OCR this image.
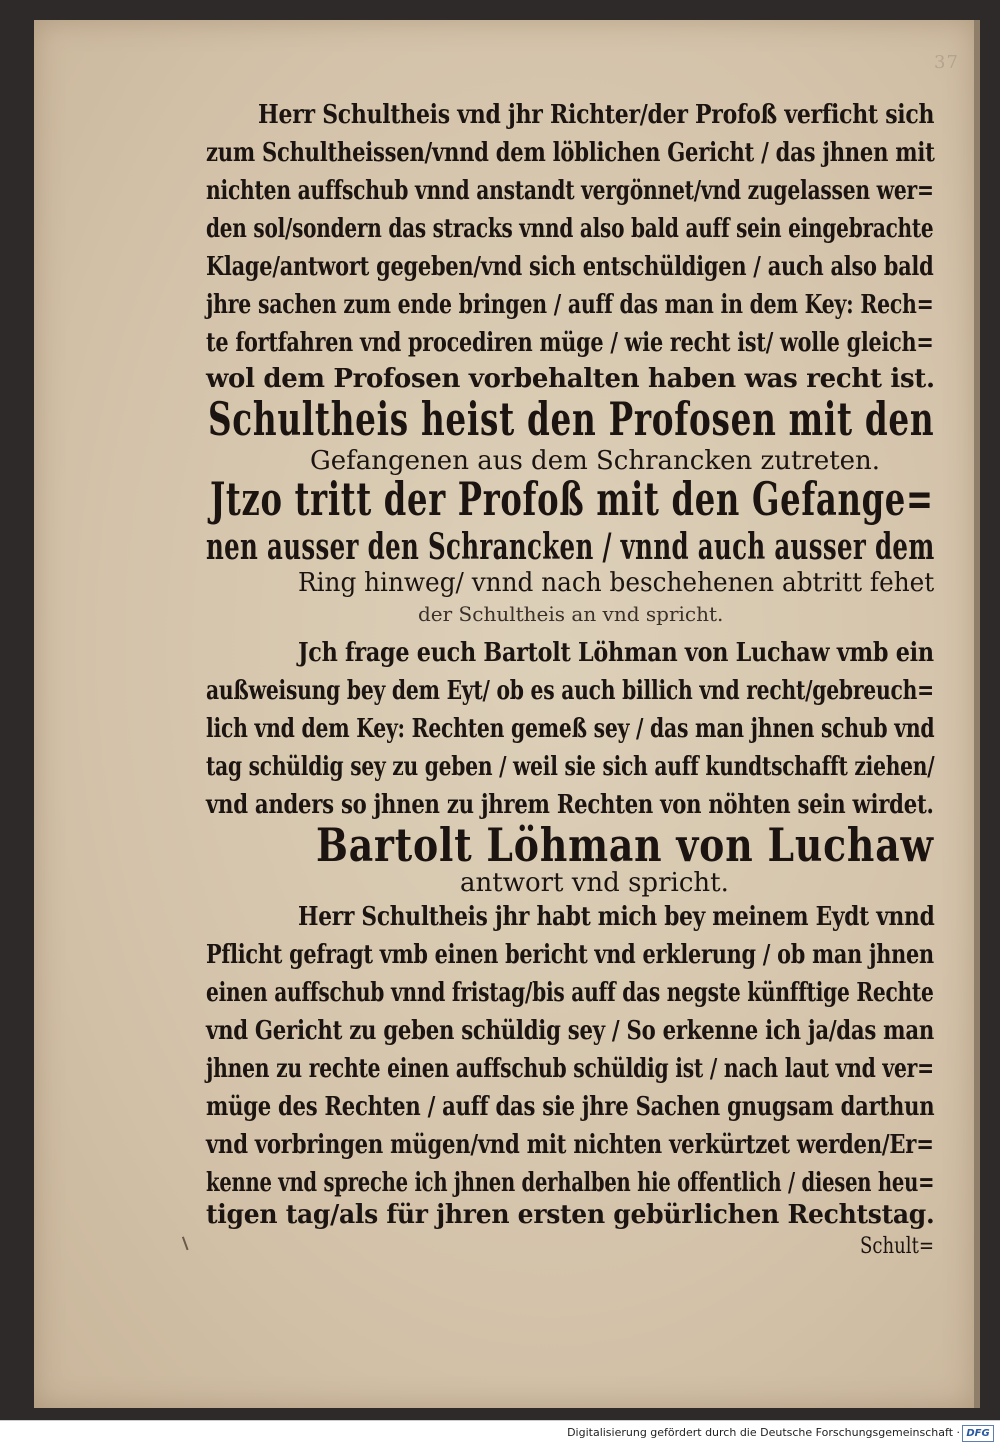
37
Herr Schultheis vnd jhr Richter/der Profoß verficht sich
zum Schultheissen/vnnd dem löblichen Gericht / das jhnen mit
nichten auffschub vnnd anstandt vergönnet/vnd zugelassen wer=
den sol/sondern das stracks vnnd also bald auff sein eingebrachte
Klage/antwort gegeben/vnd sich entschüldigen / auch also bald
jhre sachen zum ende bringen / auff das man in dem Key: Rech=
te fortfahren vnd procediren müge / wie recht ist/ wolle gleich=
wol dem Profosen vorbehalten haben was recht ist.
Schultheis heist den Profosen mit den
Gefangenen aus dem Schrancken zutreten.
Jtzo tritt der Profoß mit den Gefange=
nen ausser den Schrancken / vnnd auch ausser dem
Ring hinweg/ vnnd nach beschehenen abtritt fehet
der Schultheis an vnd spricht.
Jch frage euch Bartolt Löhman von Luchaw vmb ein
außweisung bey dem Eyt/ ob es auch billich vnd recht/gebreuch=
lich vnd dem Key: Rechten gemeß sey / das man jhnen schub vnd
tag schüldig sey zu geben / weil sie sich auff kundtschafft ziehen/
vnd anders so jhnen zu jhrem Rechten von nöhten sein wirdet.
Bartolt Löhman von Luchaw
antwort vnd spricht.
Herr Schultheis jhr habt mich bey meinem Eydt vnnd
Pflicht gefragt vmb einen bericht vnd erklerung / ob man jhnen
einen auffschub vnnd fristag/bis auff das negste künfftige Rechte
vnd Gericht zu geben schüldig sey / So erkenne ich ja/das man
jhnen zu rechte einen auffschub schüldig ist / nach laut vnd ver=
müge des Rechten / auff das sie jhre Sachen gnugsam darthun
vnd vorbringen mügen/vnd mit nichten verkürtzet werden/Er=
kenne vnd spreche ich jhnen derhalben hie offentlich / diesen heu=
tigen tag/als für jhren ersten gebürlichen Rechtstag.
Schult=
Digitalisierung gefördert durch die Deutsche Forschungsgemeinschaft · DFG
